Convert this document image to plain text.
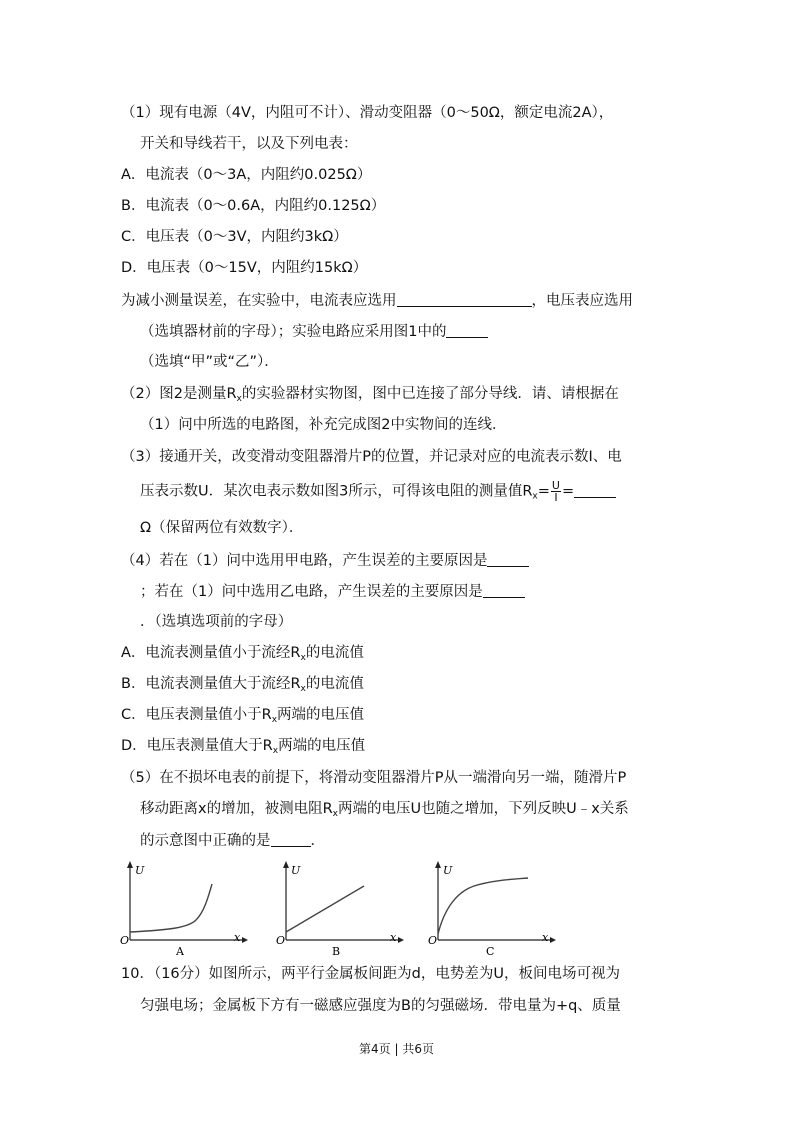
（1）现有电源（4V，内阻可不计）、滑动变阻器（0～50Ω，额定电流2A），
开关和导线若干，以及下列电表：
A．电流表（0～3A，内阻约0.025Ω）
B．电流表（0～0.6A，内阻约0.125Ω）
C．电压表（0～3V，内阻约3kΩ）
D．电压表（0～15V，内阻约15kΩ）
为减小测量误差，在实验中，电流表应选用	，电压表应选用
（选填器材前的字母）；实验电路应采用图1中的
（选填“甲”或“乙”）．
（2）图2是测量$R_x$的实验器材实物图，图中已连接了部分导线．请、请根据在
（1）问中所选的电路图，补充完成图2中实物间的连线．
（3）接通开关，改变滑动变阻器滑片P的位置，并记录对应的电流表示数I、电
压表示数U．某次电表示数如图3所示，可得该电阻的测量值$R_x= \frac{U}{I}$ =
Ω（保留两位有效数字）．
（4）若在（1）问中选用甲电路，产生误差的主要原因是
；若在（1）问中选用乙电路，产生误差的主要原因是
．（选填选项前的字母）
A．电流表测量值小于流经$R_x$的电流值
B．电流表测量值大于流经$R_x$的电流值
C．电压表测量值小于$R_x$两端的电压值
D．电压表测量值大于$R_x$两端的电压值
（5）在不损坏电表的前提下，将滑动变阻器滑片P从一端滑向另一端，随滑片P
移动距离x的增加，被测电阻$R_x$两端的电压U也随之增加，下列反映U﹣x关系
的示意图中正确的是	．
U
x
O
A
U
x
O
B
U
x
O
C
10．（16分）如图所示，两平行金属板间距为d，电势差为U，板间电场可视为
匀强电场；金属板下方有一磁感应强度为B的匀强磁场．带电量为+q、质量
第4页 | 共6页
